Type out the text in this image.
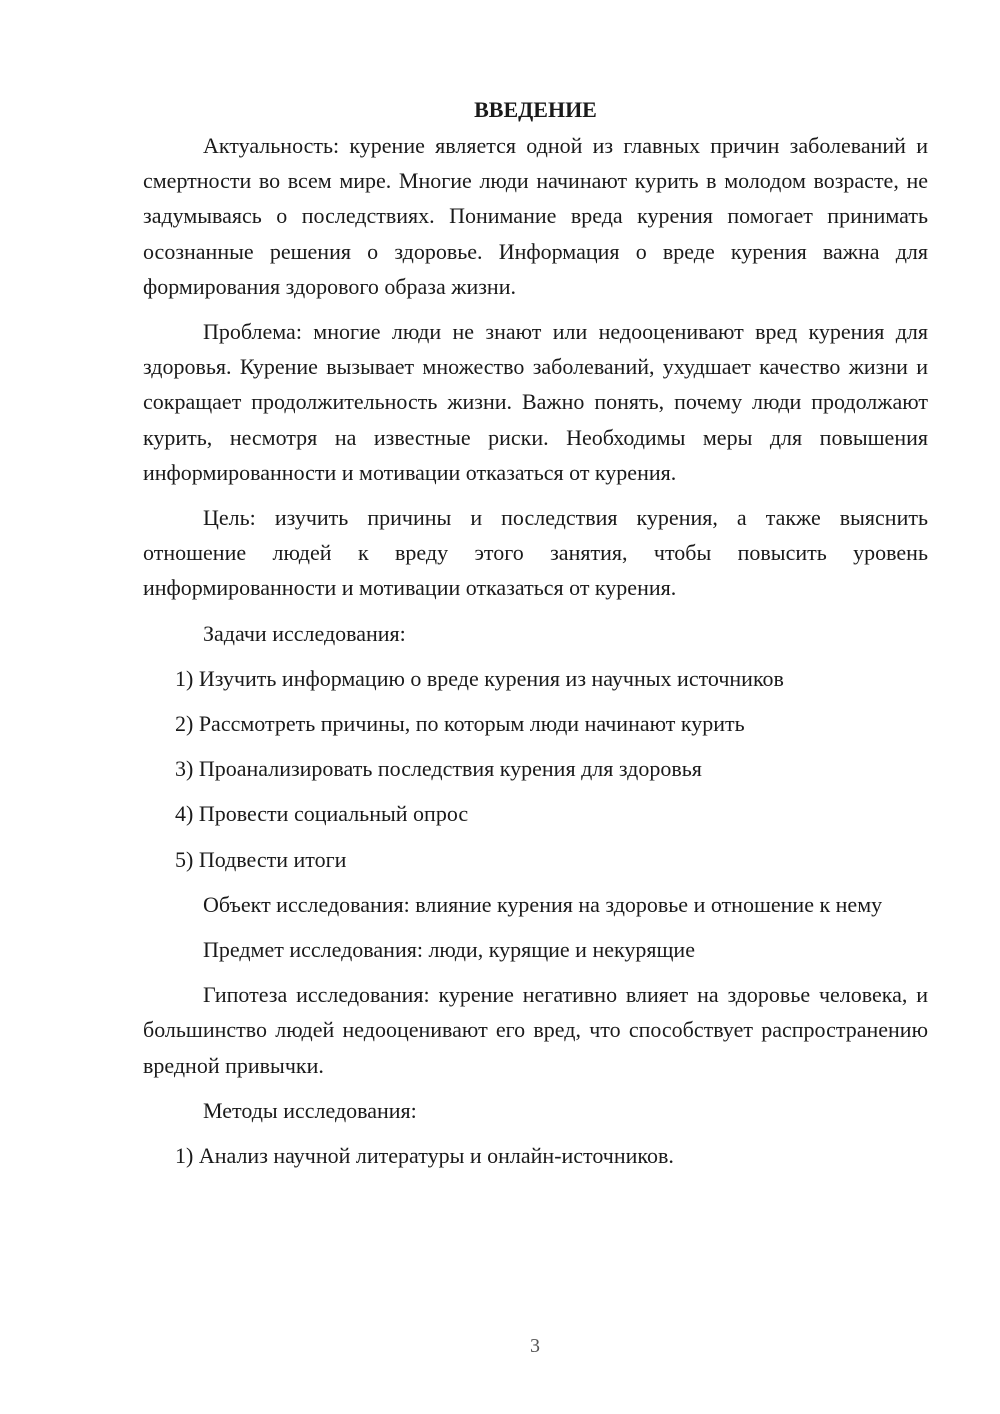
ВВЕДЕНИЕ

Актуальность: курение является одной из главных причин заболеваний и смертности во всем мире. Многие люди начинают курить в молодом возрасте, не задумываясь о последствиях. Понимание вреда курения помогает принимать осознанные решения о здоровье. Информация о вреде курения важна для формирования здорового образа жизни.

Проблема: многие люди не знают или недооценивают вред курения для здоровья. Курение вызывает множество заболеваний, ухудшает качество жизни и сокращает продолжительность жизни. Важно понять, почему люди продолжают курить, несмотря на известные риски. Необходимы меры для повышения информированности и мотивации отказаться от курения.

Цель: изучить причины и последствия курения, а также выяснить отношение людей к вреду этого занятия, чтобы повысить уровень информированности и мотивации отказаться от курения.

Задачи исследования:

1) Изучить информацию о вреде курения из научных источников
2) Рассмотреть причины, по которым люди начинают курить
3) Проанализировать последствия курения для здоровья
4) Провести социальный опрос
5) Подвести итоги

Объект исследования: влияние курения на здоровье и отношение к нему

Предмет исследования: люди, курящие и некурящие

Гипотеза исследования: курение негативно влияет на здоровье человека, и большинство людей недооценивают его вред, что способствует распространению вредной привычки.

Методы исследования:

1) Анализ научной литературы и онлайн-источников.
3
